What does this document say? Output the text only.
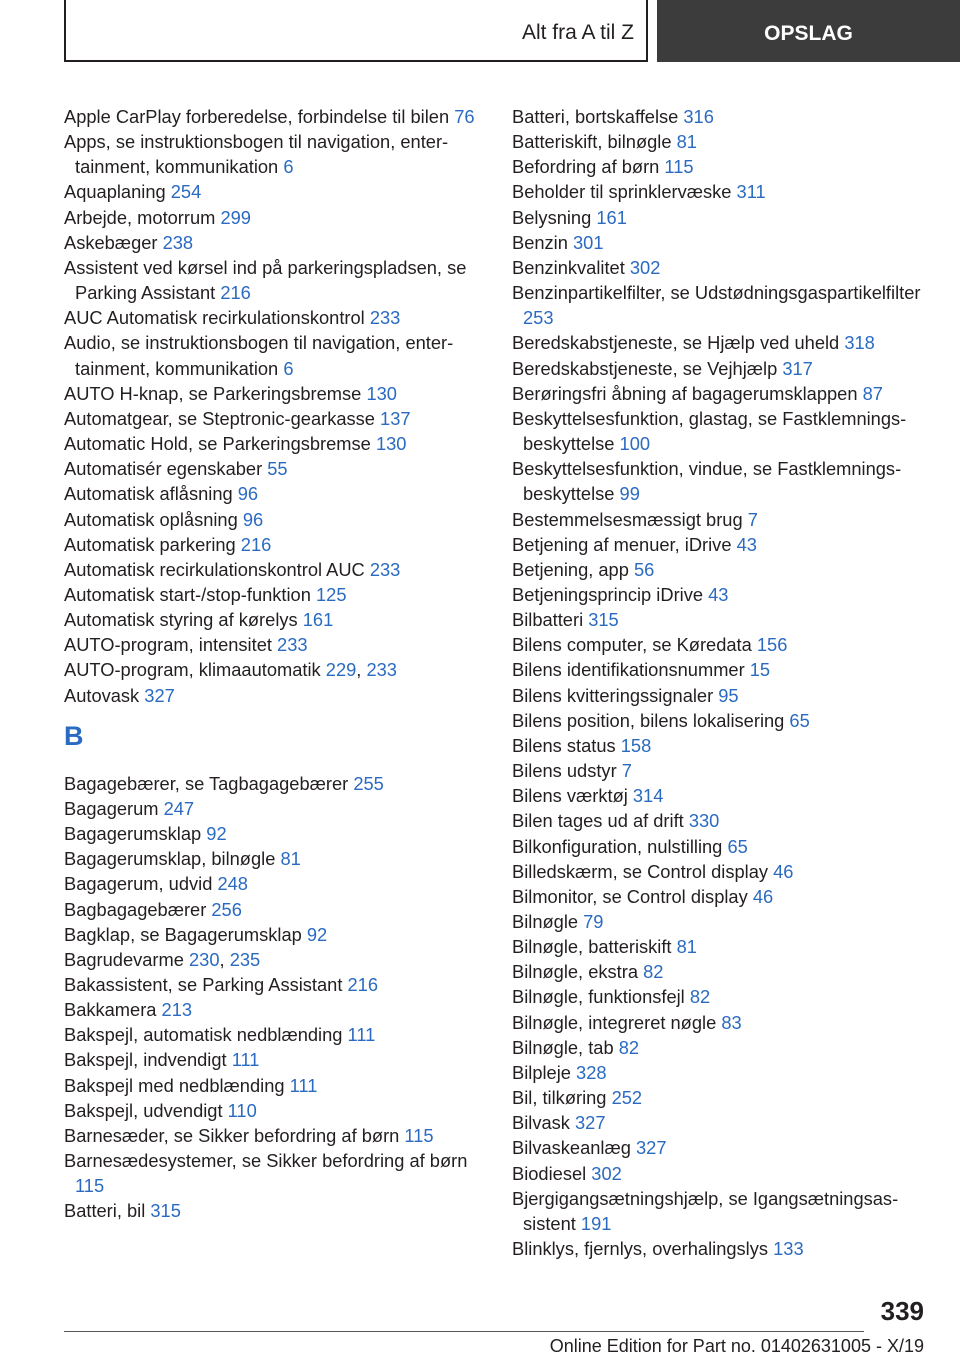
Alt fra A til Z	OPSLAG
Apple CarPlay forberedelse, forbindelse til bilen 76
Apps, se instruktionsbogen til navigation, entertainment, kommunikation 6
Aquaplaning 254
Arbejde, motorrum 299
Askebæger 238
Assistent ved kørsel ind på parkeringspladsen, se Parking Assistant 216
AUC Automatisk recirkulationskontrol 233
Audio, se instruktionsbogen til navigation, entertainment, kommunikation 6
AUTO H-knap, se Parkeringsbremse 130
Automatgear, se Steptronic-gearkasse 137
Automatic Hold, se Parkeringsbremse 130
Automatisér egenskaber 55
Automatisk aflåsning 96
Automatisk oplåsning 96
Automatisk parkering 216
Automatisk recirkulationskontrol AUC 233
Automatisk start-/stop-funktion 125
Automatisk styring af kørelys 161
AUTO-program, intensitet 233
AUTO-program, klimaautomatik 229, 233
Autovask 327
B
Bagagebærer, se Tagbagagebærer 255
Bagagerum 247
Bagagerumsklap 92
Bagagerumsklap, bilnøgle 81
Bagagerum, udvid 248
Bagbagagebærer 256
Bagklap, se Bagagerumsklap 92
Bagrudevarme 230, 235
Bakassistent, se Parking Assistant 216
Bakkamera 213
Bakspejl, automatisk nedblænding 111
Bakspejl, indvendigt 111
Bakspejl med nedblænding 111
Bakspejl, udvendigt 110
Barnesæder, se Sikker befordring af børn 115
Barnesædesystemer, se Sikker befordring af børn 115
Batteri, bil 315
Batteri, bortskaffelse 316
Batteriskift, bilnøgle 81
Befordring af børn 115
Beholder til sprinklervæske 311
Belysning 161
Benzin 301
Benzinkvalitet 302
Benzinpartikelfilter, se Udstødningsgaspartikelfilter 253
Beredskabstjeneste, se Hjælp ved uheld 318
Beredskabstjeneste, se Vejhjælp 317
Berøringsfri åbning af bagagerumsklappen 87
Beskyttelsesfunktion, glastag, se Fastklemningsbeskyttelse 100
Beskyttelsesfunktion, vindue, se Fastklemningsbeskyttelse 99
Bestemmelsesmæssigt brug 7
Betjening af menuer, iDrive 43
Betjening, app 56
Betjeningsprincip iDrive 43
Bilbatteri 315
Bilens computer, se Køredata 156
Bilens identifikationsnummer 15
Bilens kvitteringssignaler 95
Bilens position, bilens lokalisering 65
Bilens status 158
Bilens udstyr 7
Bilens værktøj 314
Bilen tages ud af drift 330
Bilkonfiguration, nulstilling 65
Billedskærm, se Control display 46
Bilmonitor, se Control display 46
Bilnøgle 79
Bilnøgle, batteriskift 81
Bilnøgle, ekstra 82
Bilnøgle, funktionsfejl 82
Bilnøgle, integreret nøgle 83
Bilnøgle, tab 82
Bilpleje 328
Bil, tilkøring 252
Bilvask 327
Bilvaskeanlæg 327
Biodiesel 302
Bjergigangsætningshjælp, se Igangsætningsassistent 191
Blinklys, fjernlys, overhalingslys 133
339
Online Edition for Part no. 01402631005 - X/19
